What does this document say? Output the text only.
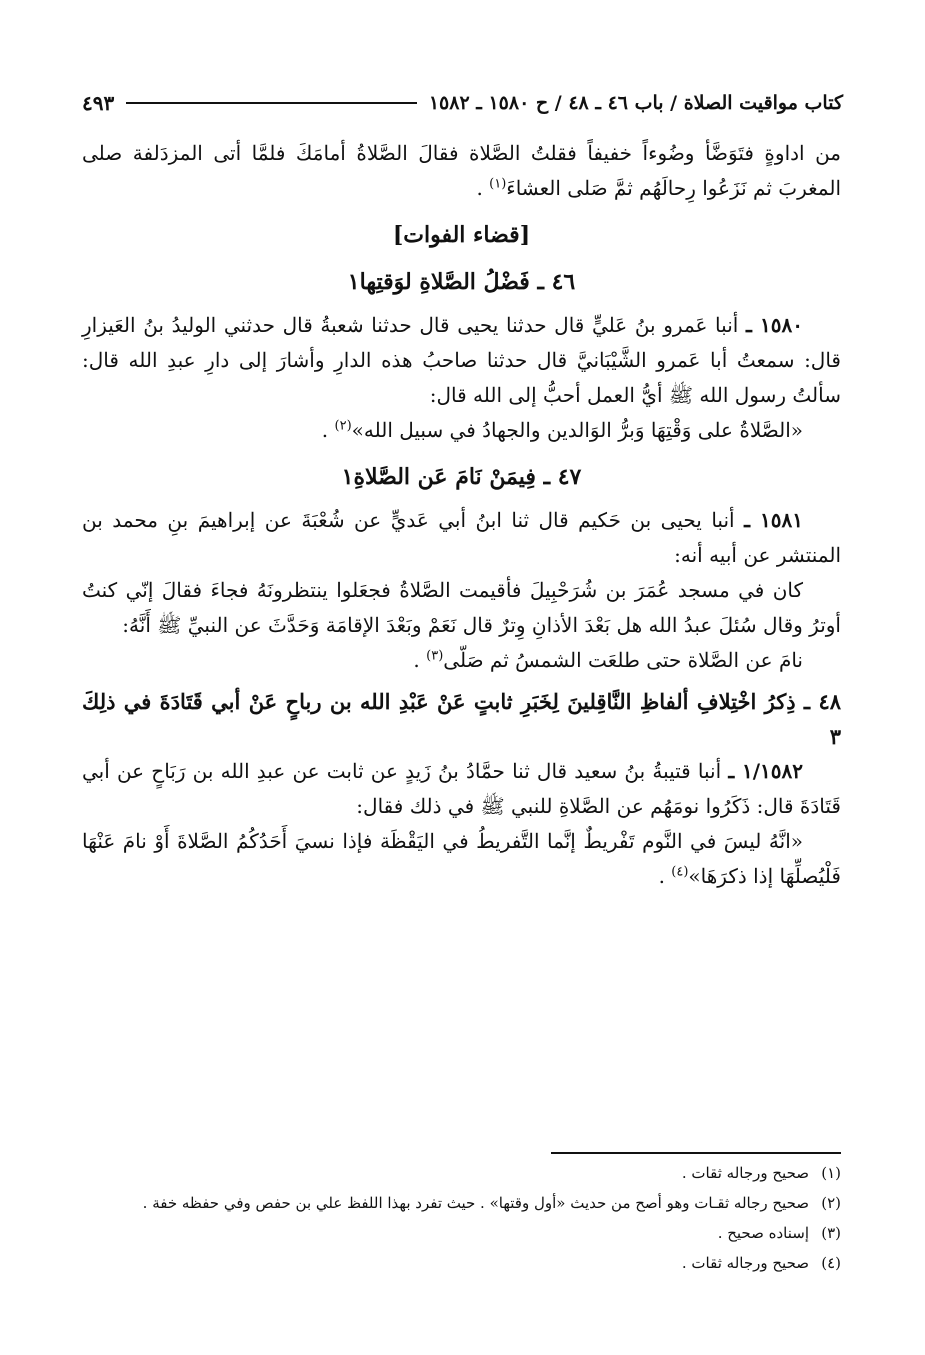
كتاب مواقيت الصلاة / باب ٤٦ ـ ٤٨ / ح ١٥٨٠ ـ ١٥٨٢
٤٩٣

من اداوةٍ فتَوَضَّأ وضُوءاً خفيفاً فقلتُ الصَّلاة فقالَ الصَّلاةُ أمامَكَ فلمَّا أتى المزدَلفة صلى المغربَ ثم نَزَعُوا رِحالَهُم ثمَّ صَلى العشاءَ$^{(١)}$ .

[قضاء الفوات]

٤٦ ـ فَضْلُ الصَّلاةِ لوَقتِها١

١٥٨٠ ـ أنبا عَمرو بنُ عَليٍّ قال حدثنا يحيى قال حدثنا شعبةُ قال حدثني الوليدُ بنُ العَيزارِ قال: سمعتُ أبا عَمرو الشَّيْبَانيَّ قال حدثنا صاحبُ هذه الدارِ وأشارَ إلى دارِ عبدِ الله قال: سألتُ رسول الله ﷺ أيُّ العمل أحبُّ إلى الله قال:

«الصَّلاةُ على وَقْتِهَا وَبرُّ الوَالدين والجهادُ في سبيل الله»$^{(٢)}$ .

٤٧ ـ فِيمَنْ نَامَ عَن الصَّلاةِ١

١٥٨١ ـ أنبا يحيى بن حَكيم قال ثنا ابنُ أبي عَديٍّ عن شُعْبَةَ عن إبراهيمَ بنِ محمد بن المنتشر عن أبيه أنه:

كان في مسجد عُمَرَ بن شُرَحْبِيلَ فأقيمت الصَّلاةُ فجعَلوا ينتظرونَهُ فجاءَ فقالَ إنّي كنتُ أوترُ وقال سُئلَ عبدُ الله هل بَعْدَ الأذانِ وِترٌ قال نَعَمْ وبَعْدَ الإقامَة وَحَدَّثَ عن النبيِّ ﷺ أَنَّهُ:

نامَ عن الصَّلاة حتى طلعَت الشمسُ ثم صَلّى$^{(٣)}$ .

٤٨ ـ ذِكرُ اخْتِلافِ ألفاظِ النَّاقِلينَ لِخَبَرِ ثابتٍ عَنْ عَبْدِ الله بن رباحٍ عَنْ أبي قَتَادَةَ في ذلِكَ ٣

١/١٥٨٢ ـ أنبا قتيبةُ بنُ سعيد قال ثنا حمَّادُ بنُ زَيدٍ عن ثابت عن عبدِ الله بن رَبَاحٍ عن أبي قَتَادَةَ قال: ذَكَرُوا نومَهُم عن الصَّلاةِ للنبي ﷺ في ذلك فقال:

«انَّهُ ليسَ في النَّوم تَفْريطٌ إنَّما التَّفريطُ في اليَقْظَة فإذا نسيَ أَحَدُكُمُ الصَّلاةَ أَوْ نامَ عَنْهَا فَلْيُصلِّهَا إذا ذكرَهَا»$^{(٤)}$ .

(١)
صحيح ورجاله ثقات .
(٢)
صحيح رجاله ثقـات وهو أصح من حديث «أول وقتها» . حيث تفرد بهذا اللفظ علي بن حفص وفي حفظه خفة .
(٣)
إسناده صحيح .
(٤)
صحيح ورجاله ثقات .
